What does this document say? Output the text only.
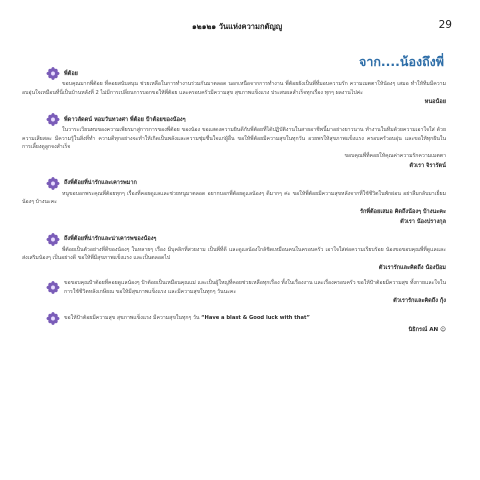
๑๒๑๒๑ วันแห่งความกตัญญู	29
จาก....น้องถึงพี่
พี่ต้อย
ขอบคุณมากพี่ต้อย ที่คอยสนับสนุน ช่วยเหลือในการทำงานร่วมกันมาตลอด นอกเหนือจากการทำงาน พี่ต้อยยังเป็นพี่ที่มอบความรัก ความเมตตาให้น้องๆ เสมอ ทำให้ทีมมีความอบอุ่นใจเหมือนที่นี่เป็นบ้านหลังที่ 2 ไม่มีการเปลี่ยนการบอกขอให้พี่ต้อย และครอบครัวมีความสุข สุขภาพแข็งแรง ประสบผลสำเร็จทุกเรื่อง ทุกๆ ผลงานไปค่ะ
หนอน้อย
พี่ดาวลัดดน์ หอมวันทวงศา พี่ต้อย ป้าต้อยของน้องๆ
ในวาระเวียนทบของความเพียรมาสู่การการของพี่ต้อย ของน้อง ขอแสดงความยินดีกับพี่ต้อยที่ได้ปฏิบัติงานในสายอาชีพนี้มาอย่างยาวนาน ทำงานในทีมด้วยความเอาใจใส่ ด้วยความเสียสละ มีความรู้ในสิ่งที่ทำ ความดีทุกอย่างจะทำให้เกิดเป็นพลังและความชุ่มชื่นใจแก่ผู้อื่น ขอให้พี่ต้อยมีความสุขในทุกวัน อวยพรให้สุขภาพแข็งแรง ครอบครัวอบอุ่น และขอให้ทุกฝันในการเลี้ยงดูลูกจงสำเร็จ
ขอบคุณพี่ที่คอยให้คุณค่าความรักความเมตตา
ตัวเรา จิรารัตน์
ถึงพี่ต้อยที่น่ารักและเคารพมาก
หนูขอบอกพระคุณพี่ต้อยทุกๆ เรื่องที่คอยดูแลและช่วยหนูมาตลอด อยากบอกพี่ต้อยดูแลน้องๆ ดีมากๆ ค่ะ ขอให้พี่ต้อยมีความสุขหลังจากที่ใช้ชีวิตในพักผ่อน อย่าลืมกลับมาเยี่ยมน้องๆ บ้างนะคะ
รักพี่ต้อยเสมอ คิดถึงน้องๆ บ้างนะคะ
ตัวเรา น้องปรางกุล
ถึงพี่ต้อยที่น่ารักและน่าเคารพของน้องๆ
พี่ต้อยเป็นตัวอย่างที่ดีของน้องๆ ในหลายๆ เรื่อง มีบุคลิกที่สวยงาม เป็นพี่ที่ดี และดูแลน้องใกล้ชิดเหมือนคนในครอบครัว เอาใจใส่ต่อความเรียบร้อย น้องขอขอบคุณพี่ที่ดูแลและส่งเสริมน้องๆ เป็นอย่างดี ขอให้พี่มีสุขภาพแข็งแรง และเป็นตลอดไป
ตัวเรารักและคิดถึง น้องป้อม
ขอขอบคุณป้าต้อยที่คอยดูแลน้องๆ ป้าต้อยเป็นเหมือนคุณแม่ และเป็นผู้ใหญ่ที่คอยช่วยเหลือทุกเรื่อง ทั้งในเรื่องงาน และเรื่องครอบครัว ขอให้ป้าต้อยมีความสุข ทั้งกายและใจในการใช้ชีวิตหลังเกษียณ ขอให้มีสุขภาพแข็งแรง และมีความสุขในทุกๆ วันนะคะ
ตัวเรารักและคิดถึง กุ้ง
ขอให้ป้าต้อยมีความสุข สุขภาพแข็งแรง มีความสุขในทุกๆ วัน “Have a blast & Good luck with that”
นิธิกรณ์ AN ☺
